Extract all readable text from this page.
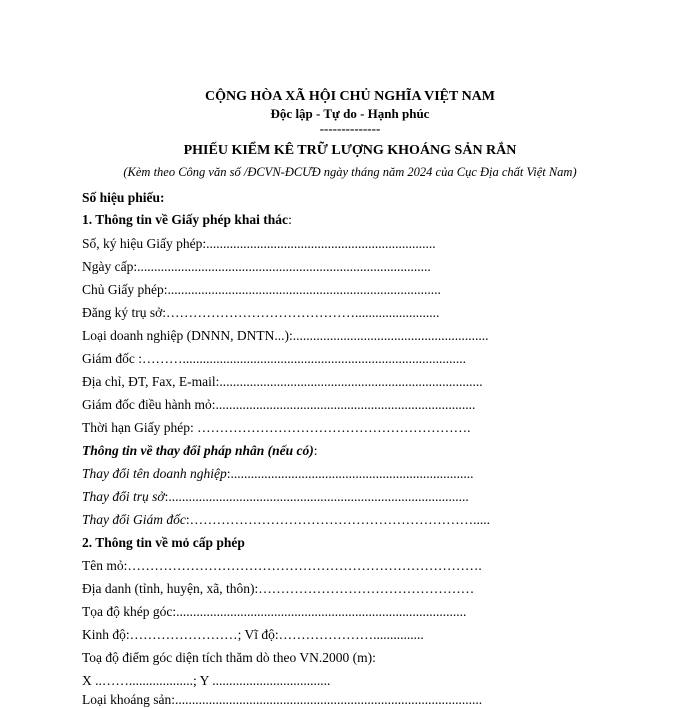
CỘNG HÒA XÃ HỘI CHỦ NGHĨA VIỆT NAM
Độc lập - Tự do - Hạnh phúc
--------------
PHIẾU KIỂM KÊ TRỮ LƯỢNG KHOÁNG SẢN RẮN
(Kèm theo Công văn số /ĐCVN-ĐCƯĐ ngày tháng năm 2024 của Cục Địa chất Việt Nam)
Số hiệu phiếu:
1. Thông tin về Giấy phép khai thác:
Số, ký hiệu Giấy phép:....................................................................
Ngày cấp:.......................................................................................
Chủ Giấy phép:.................................................................................
Đăng ký trụ sở:…………………………………….........................
Loại doanh nghiệp (DNNN, DNTN...):..........................................................
Giám đốc :………....................................................................................
Địa chỉ, ĐT, Fax, E-mail:..............................................................................
Giám đốc điều hành mỏ:.............................................................................
Thời hạn Giấy phép: …………………………………………………….
Thông tin về thay đổi pháp nhân (nếu có):
Thay đổi tên doanh nghiệp:........................................................................
Thay đổi trụ sở:.........................................................................................
Thay đổi Giám đốc:……………………………………………………….....
2. Thông tin về mỏ cấp phép
Tên mỏ:…………………………………………………………………….
Địa danh (tỉnh, huyện, xã, thôn):…………………………………………
Tọa độ khép góc:......................................................................................
Kinh độ:……………………; Vĩ độ:…………………...............
Toạ độ điểm góc diện tích thăm dò theo VN.2000 (m):
X ..……...................; Y ...................................
Loại khoáng sản:...........................................................................................
